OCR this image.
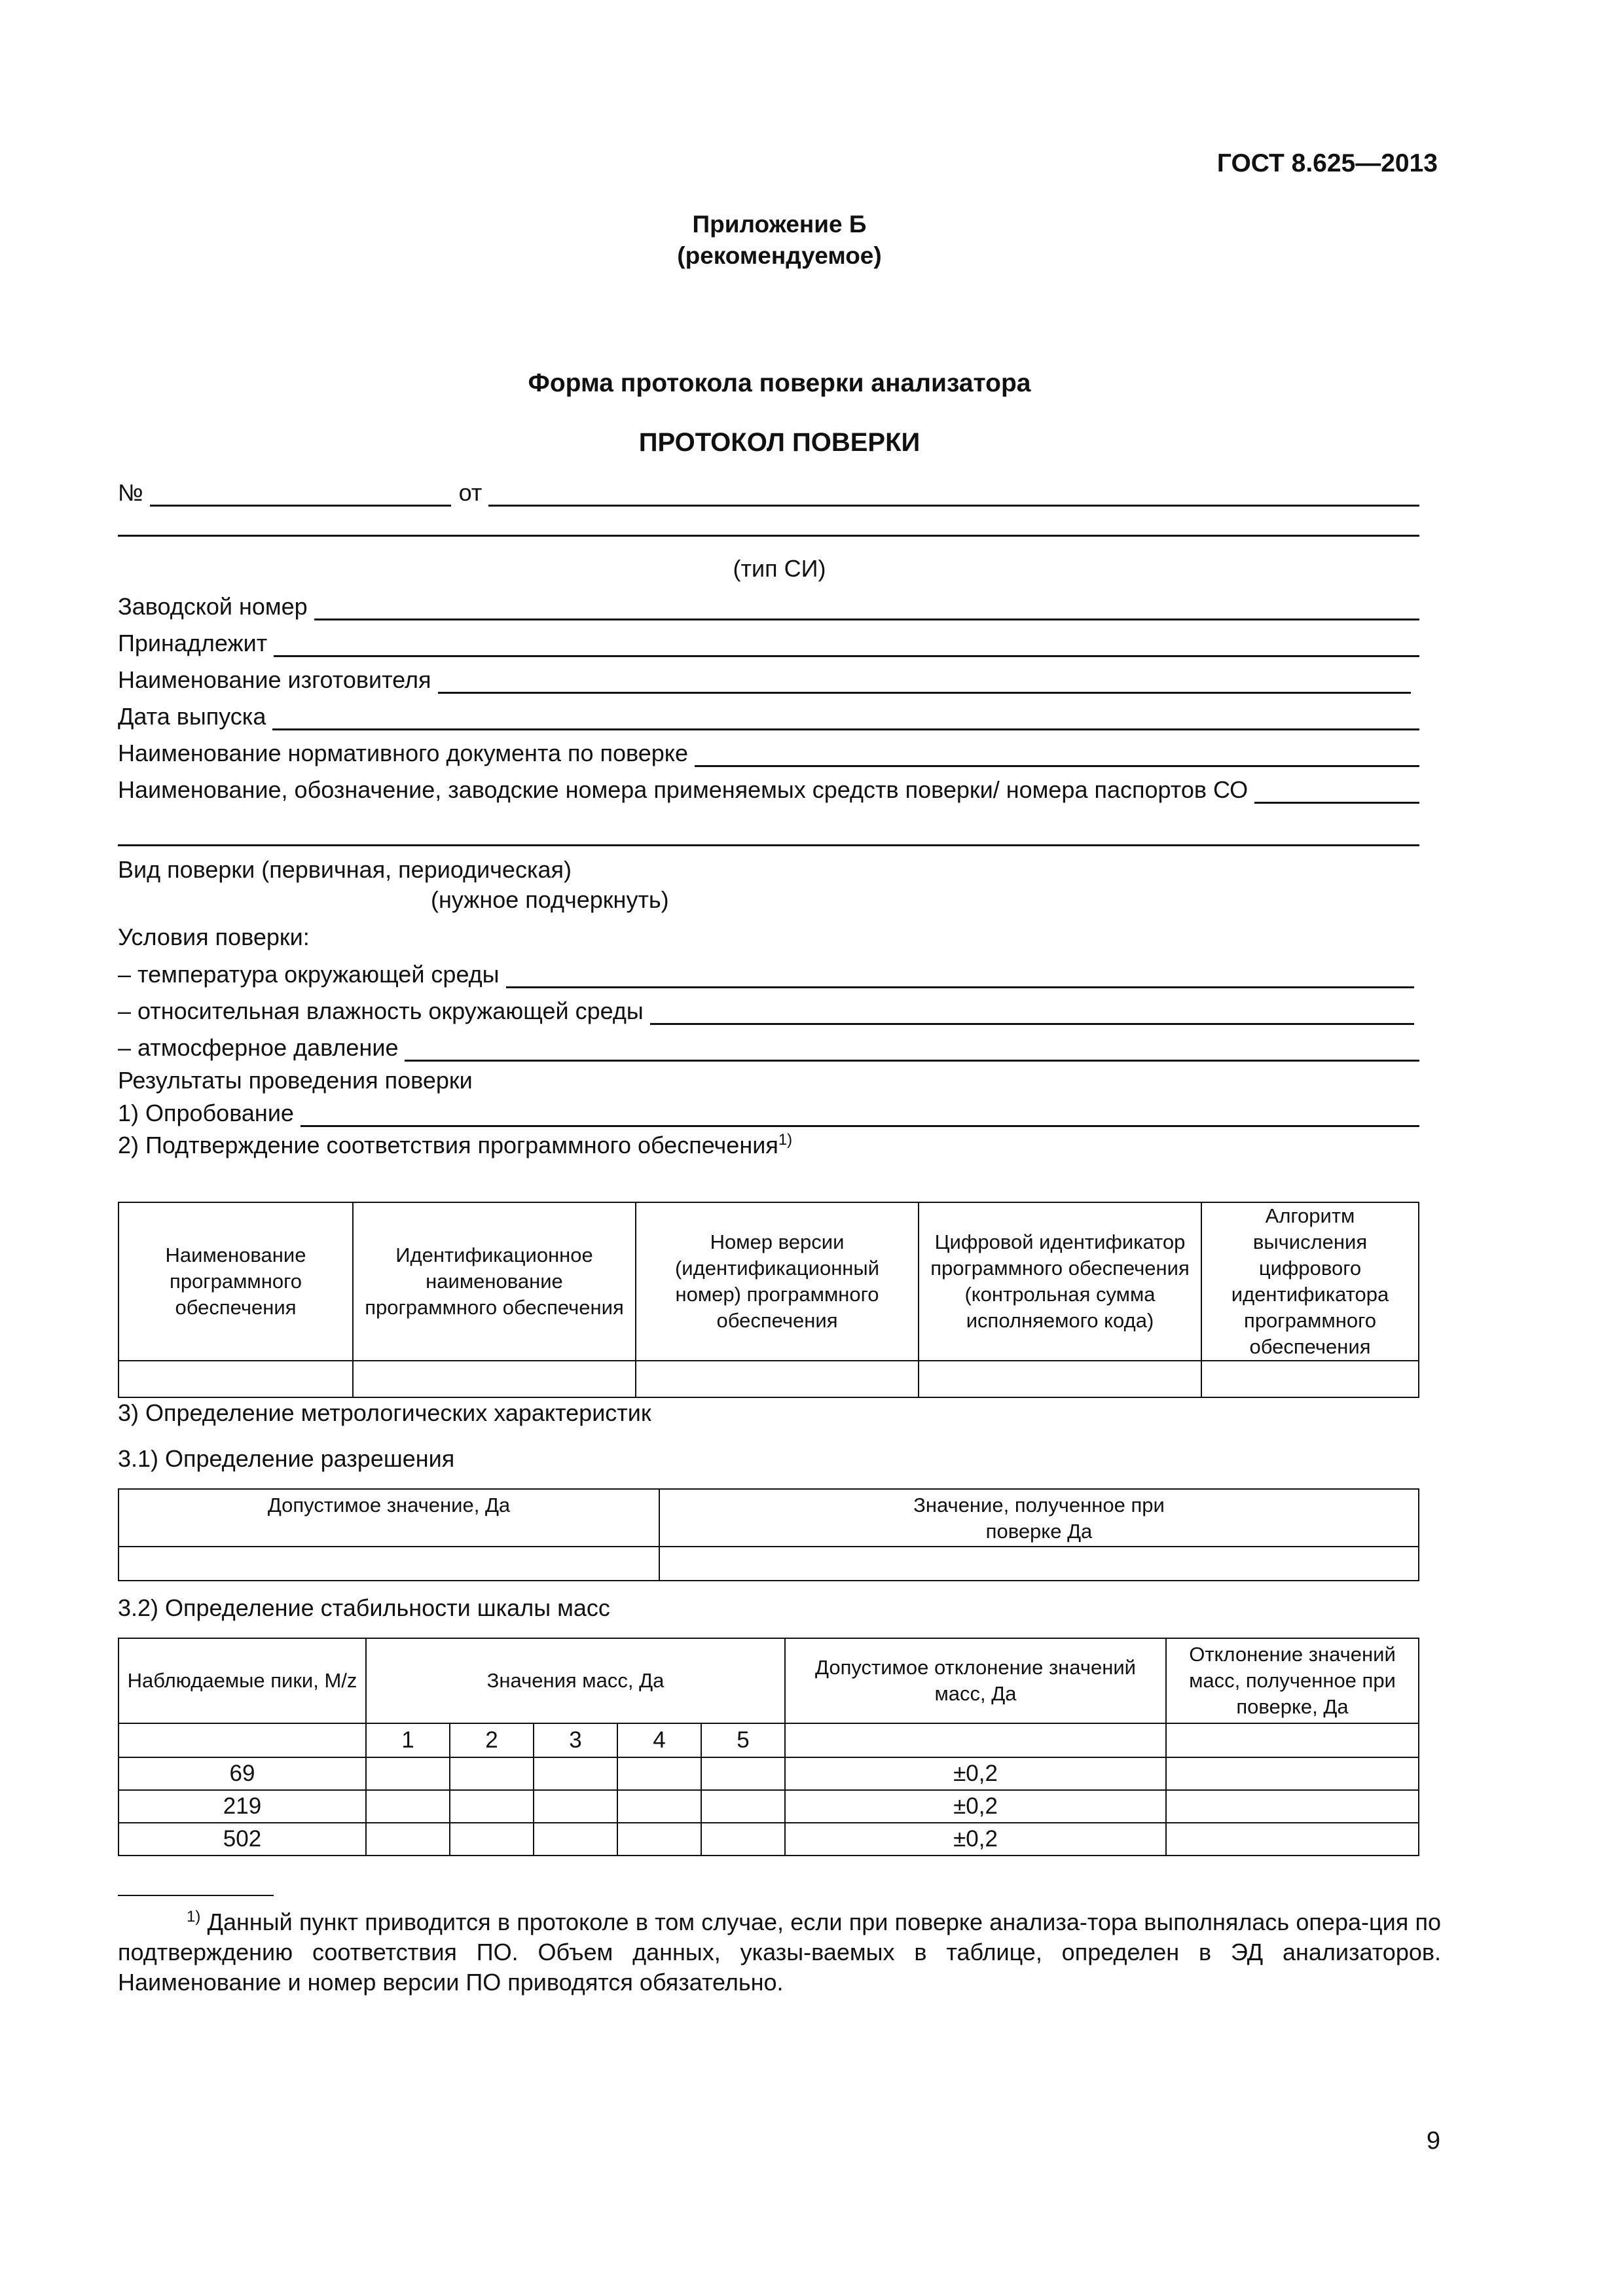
ГОСТ 8.625—2013
Приложение Б
(рекомендуемое)
Форма протокола поверки анализатора
ПРОТОКОЛ ПОВЕРКИ
№	от
(тип СИ)
Заводской номер
Принадлежит
Наименование изготовителя
Дата выпуска
Наименование нормативного документа по поверке
Наименование, обозначение, заводские номера применяемых средств поверки/ номера паспортов СО
Вид поверки (первичная, периодическая)
(нужное подчеркнуть)
Условия поверки:
– температура окружающей среды
– относительная влажность окружающей среды
– атмосферное давление
Результаты проведения поверки
1) Опробование
2) Подтверждение соответствия программного обеспечения$^{1)}$
Наименование программного обеспечения	Идентификационное наименование программного обеспечения	Номер версии (идентификационный номер) программного обеспечения	Цифровой идентификатор программного обеспечения (контрольная сумма исполняемого кода)	Алгоритм вычисления цифрового идентификатора программного обеспечения

3) Определение метрологических характеристик
3.1) Определение разрешения
Допустимое значение, Да	Значение, полученное при поверке Да

3.2) Определение стабильности шкалы масс
Наблюдаемые пики, M/z	Значения масс, Да					Допустимое отклонение значений масс, Да	Отклонение значений масс, полученное при поверке, Да
	1	2	3	4	5		
69						±0,2	
219						±0,2	
502						±0,2	
$^{1)}$ Данный пункт приводится в протоколе в том случае, если при поверке анализа-тора выполнялась опера-ция по подтверждению соответствия ПО. Объем данных, указы-ваемых в таблице, определен в ЭД анализаторов. Наименование и номер версии ПО приводятся обязательно.
9
